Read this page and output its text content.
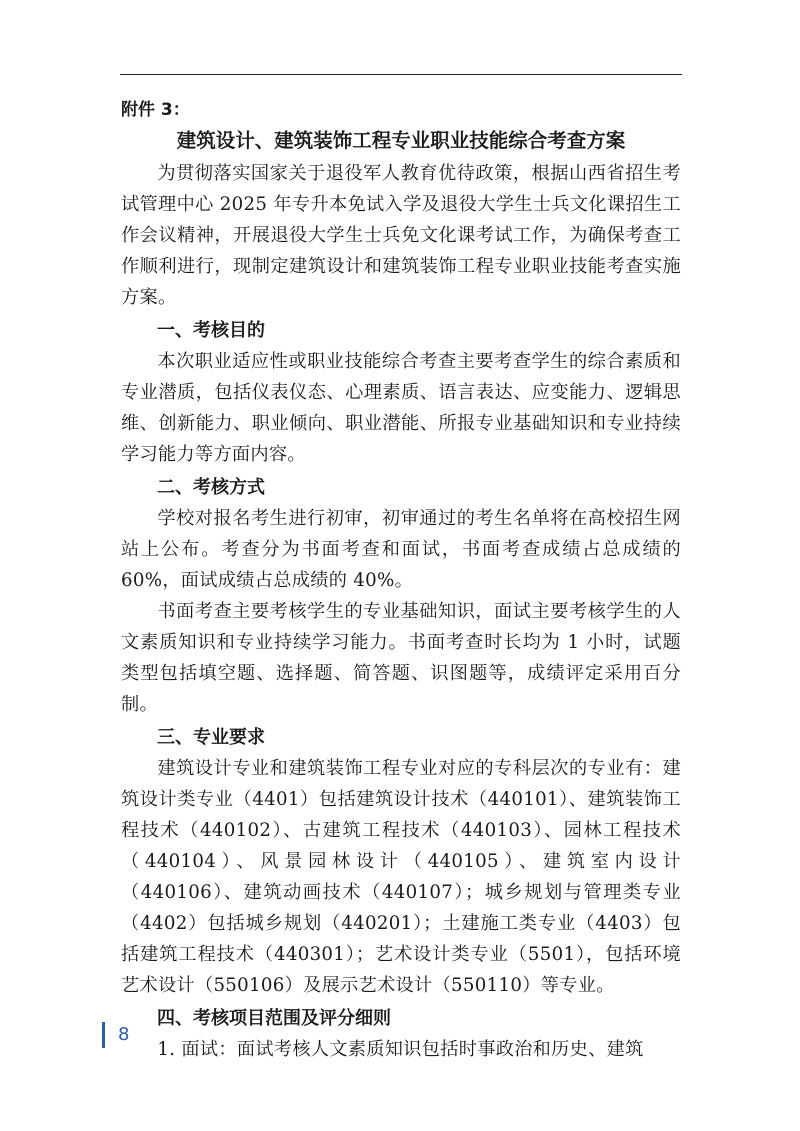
附件 3：
建筑设计、建筑装饰工程专业职业技能综合考查方案

为贯彻落实国家关于退役军人教育优待政策，根据山西省招生考试管理中心 2025 年专升本免试入学及退役大学生士兵文化课招生工作会议精神，开展退役大学生士兵免文化课考试工作，为确保考查工作顺利进行，现制定建筑设计和建筑装饰工程专业职业技能考查实施方案。

一、考核目的

本次职业适应性或职业技能综合考查主要考查学生的综合素质和专业潜质，包括仪表仪态、心理素质、语言表达、应变能力、逻辑思维、创新能力、职业倾向、职业潜能、所报专业基础知识和专业持续学习能力等方面内容。

二、考核方式

学校对报名考生进行初审，初审通过的考生名单将在高校招生网站上公布。考查分为书面考查和面试，书面考查成绩占总成绩的 60%，面试成绩占总成绩的 40%。

书面考查主要考核学生的专业基础知识，面试主要考核学生的人文素质知识和专业持续学习能力。书面考查时长均为 1 小时，试题类型包括填空题、选择题、简答题、识图题等，成绩评定采用百分制。

三、专业要求

建筑设计专业和建筑装饰工程专业对应的专科层次的专业有：建筑设计类专业（4401）包括建筑设计技术（440101）、建筑装饰工程技术（440102）、古建筑工程技术（440103）、园林工程技术（440104）、风景园林设计（440105）、建筑室内设计（440106）、建筑动画技术（440107）；城乡规划与管理类专业（4402）包括城乡规划（440201）；土建施工类专业（4403）包括建筑工程技术（440301）；艺术设计类专业（5501），包括环境艺术设计（550106）及展示艺术设计（550110）等专业。

四、考核项目范围及评分细则

1. 面试：面试考核人文素质知识包括时事政治和历史、建筑

8
